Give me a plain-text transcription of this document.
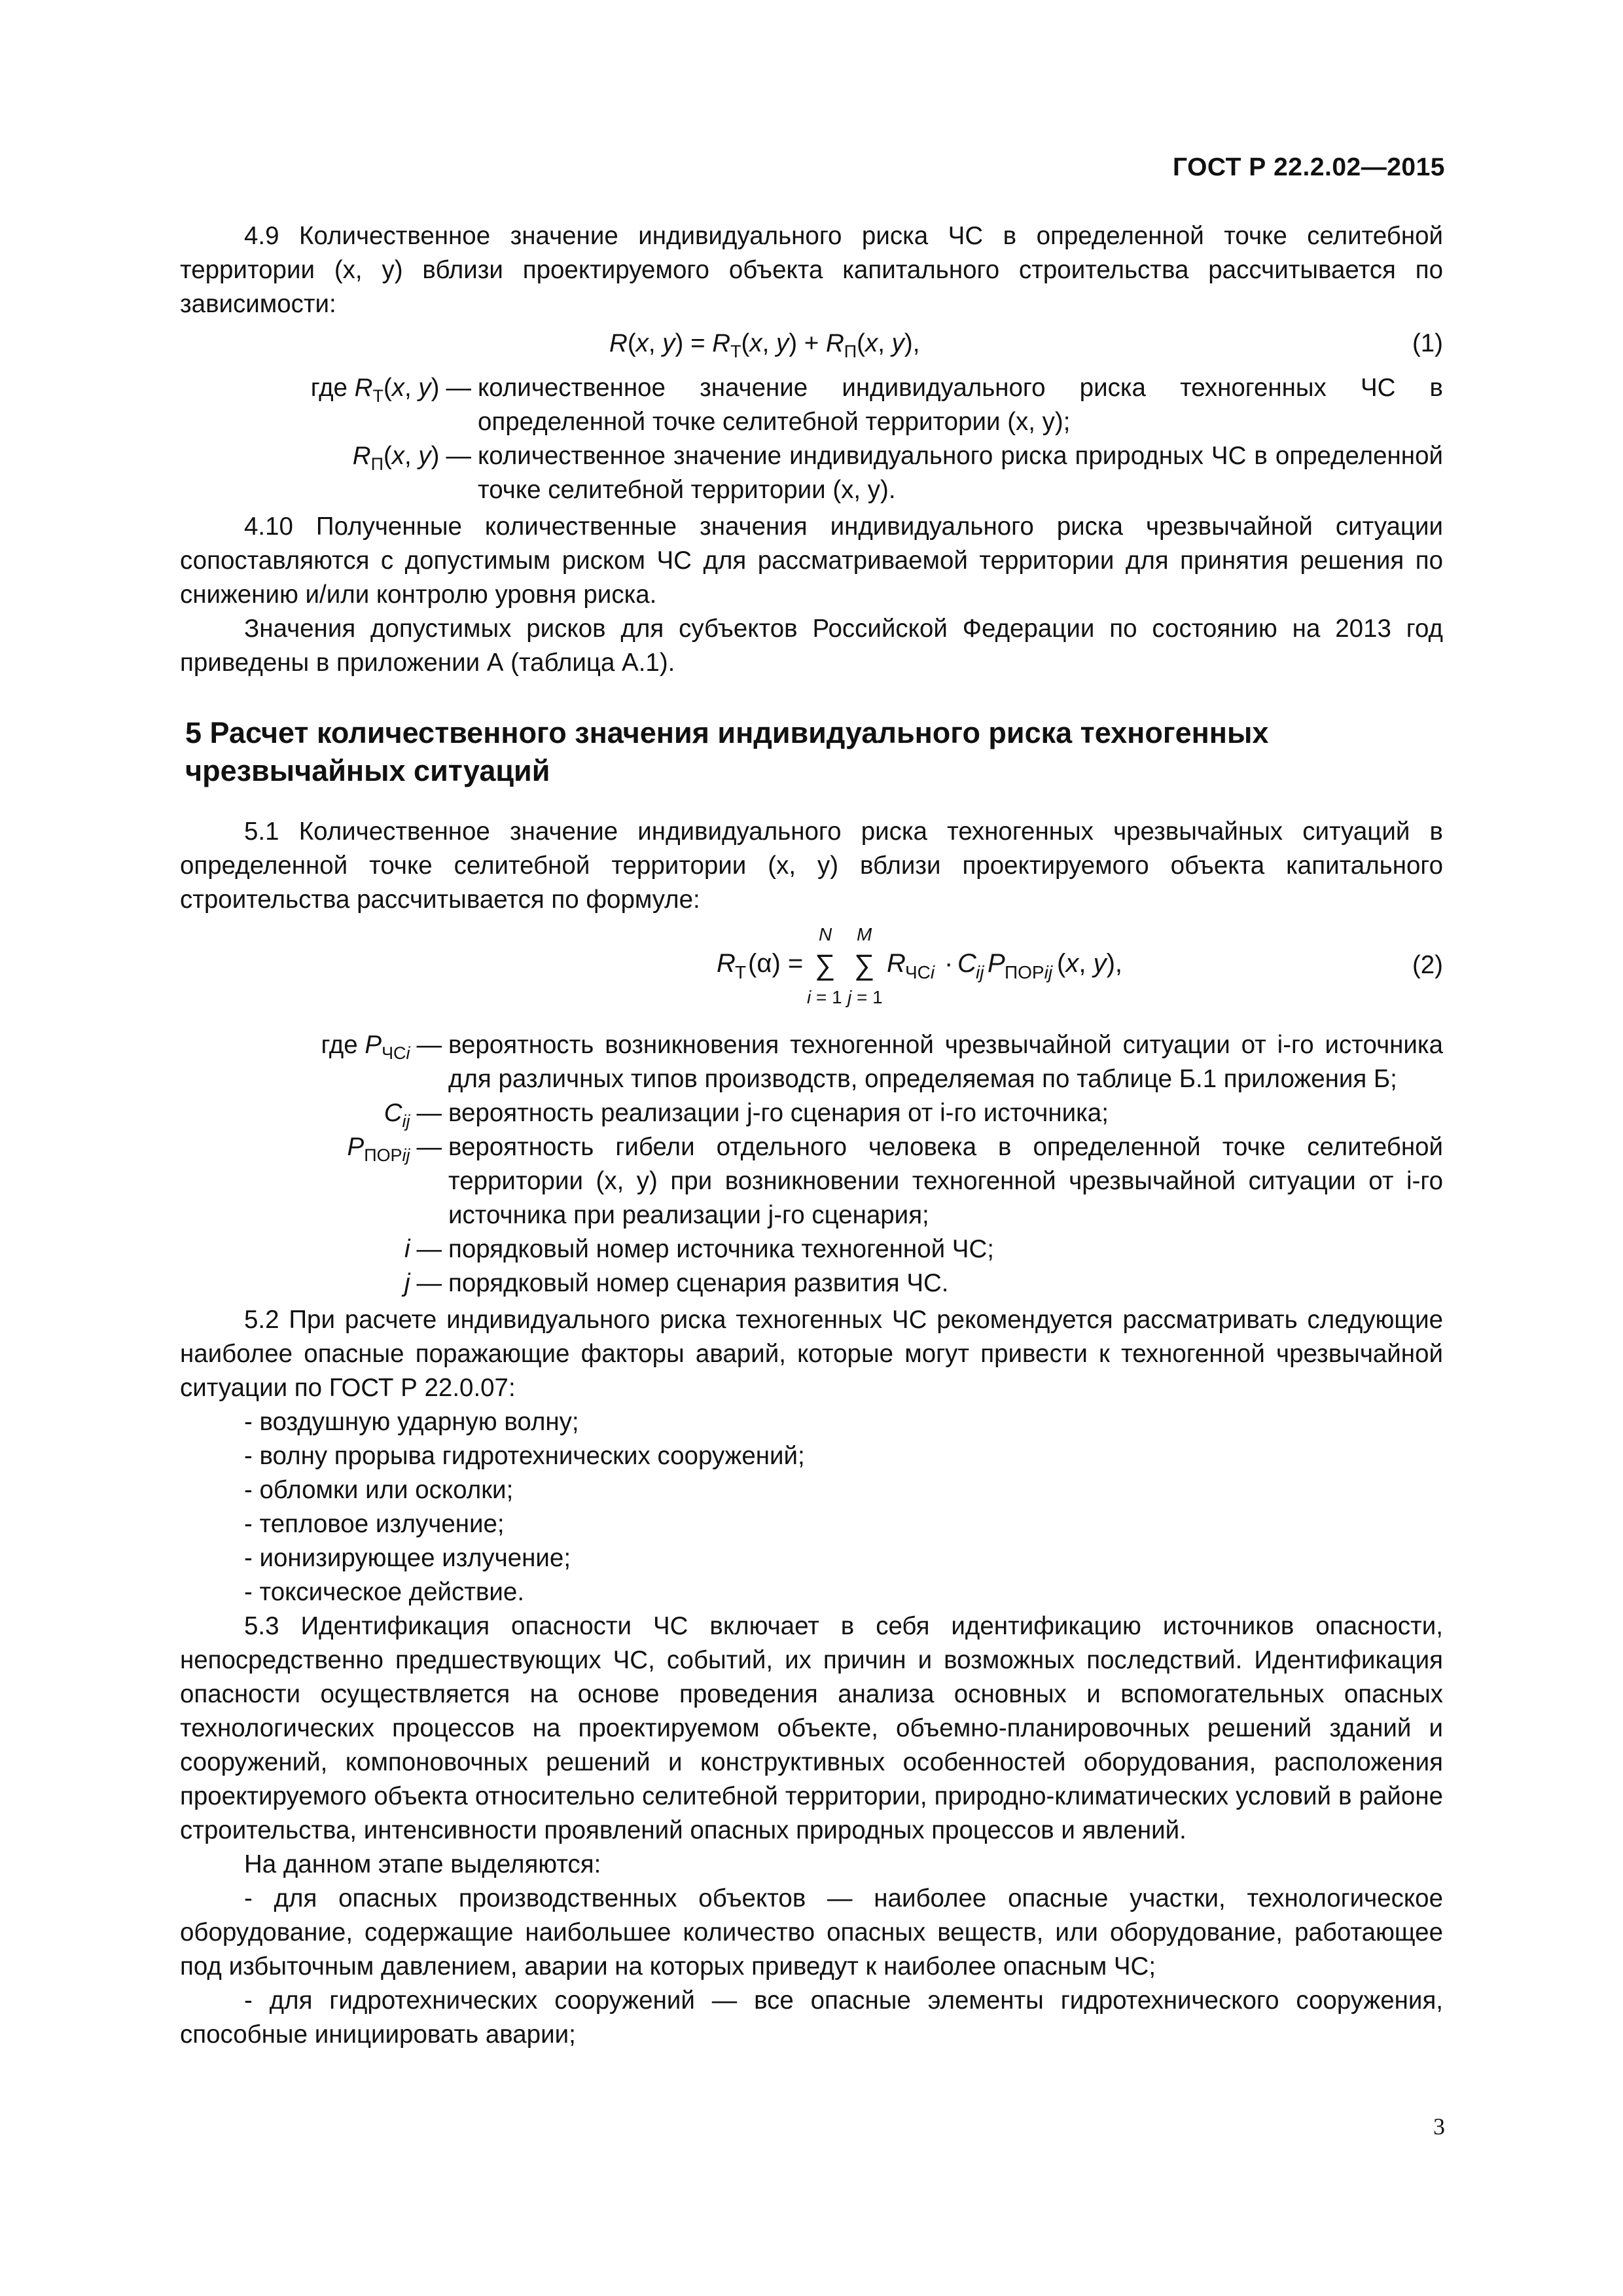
ГОСТ Р 22.2.02—2015

4.9 Количественное значение индивидуального риска ЧС в определенной точке селитебной территории (x, y) вблизи проектируемого объекта капитального строительства рассчитывается по зависимости:

R(x, $y) = R_Т(x$, $y) + R_П(x$, y),	(1)
где $R_Т(x$, y) — количественное значение индивидуального риска техногенных ЧС в определенной точке селитебной территории (x, y);
$R_П(x$, y) — количественное значение индивидуального риска природных ЧС в определенной точке селитебной территории (x, y).

4.10 Полученные количественные значения индивидуального риска чрезвычайной ситуации сопоставляются с допустимым риском ЧС для рассматриваемой территории для принятия решения по снижению и/или контролю уровня риска.

Значения допустимых рисков для субъектов Российской Федерации по состоянию на 2013 год приведены в приложении А (таблица А.1).

5 Расчет количественного значения индивидуального риска техногенных чрезвычайных ситуаций

5.1 Количественное значение индивидуального риска техногенных чрезвычайных ситуаций в определенной точке селитебной территории (x, y) вблизи проектируемого объекта капитального строительства рассчитывается по формуле:

R Т (α) =
N
∑
i = 1
M
∑
j = 1
R ЧСi · C ij P ПОРij (x, y),	(2)
где $P_{ЧСi}$ — вероятность возникновения техногенной чрезвычайной ситуации от i-го источника для различных типов производств, определяемая по таблице Б.1 приложения Б;
$C_{ij}$ — вероятность реализации j-го сценария от i-го источника;
$P_{ПОРij}$ — вероятность гибели отдельного человека в определенной точке селитебной территории (x, y) при возникновении техногенной чрезвычайной ситуации от i-го источника при реализации j-го сценария;
i — порядковый номер источника техногенной ЧС;
j — порядковый номер сценария развития ЧС.

5.2 При расчете индивидуального риска техногенных ЧС рекомендуется рассматривать следующие наиболее опасные поражающие факторы аварий, которые могут привести к техногенной чрезвычайной ситуации по ГОСТ Р 22.0.07:

- воздушную ударную волну;
- волну прорыва гидротехнических сооружений;
- обломки или осколки;
- тепловое излучение;
- ионизирующее излучение;
- токсическое действие.

5.3 Идентификация опасности ЧС включает в себя идентификацию источников опасности, непосредственно предшествующих ЧС, событий, их причин и возможных последствий. Идентификация опасности осуществляется на основе проведения анализа основных и вспомогательных опасных технологических процессов на проектируемом объекте, объемно-планировочных решений зданий и сооружений, компоновочных решений и конструктивных особенностей оборудования, расположения проектируемого объекта относительно селитебной территории, природно-климатических условий в районе строительства, интенсивности проявлений опасных природных процессов и явлений.

На данном этапе выделяются:

- для опасных производственных объектов — наиболее опасные участки, технологическое оборудование, содержащие наибольшее количество опасных веществ, или оборудование, работающее под избыточным давлением, аварии на которых приведут к наиболее опасным ЧС;

- для гидротехнических сооружений — все опасные элементы гидротехнического сооружения, способные инициировать аварии;

3
